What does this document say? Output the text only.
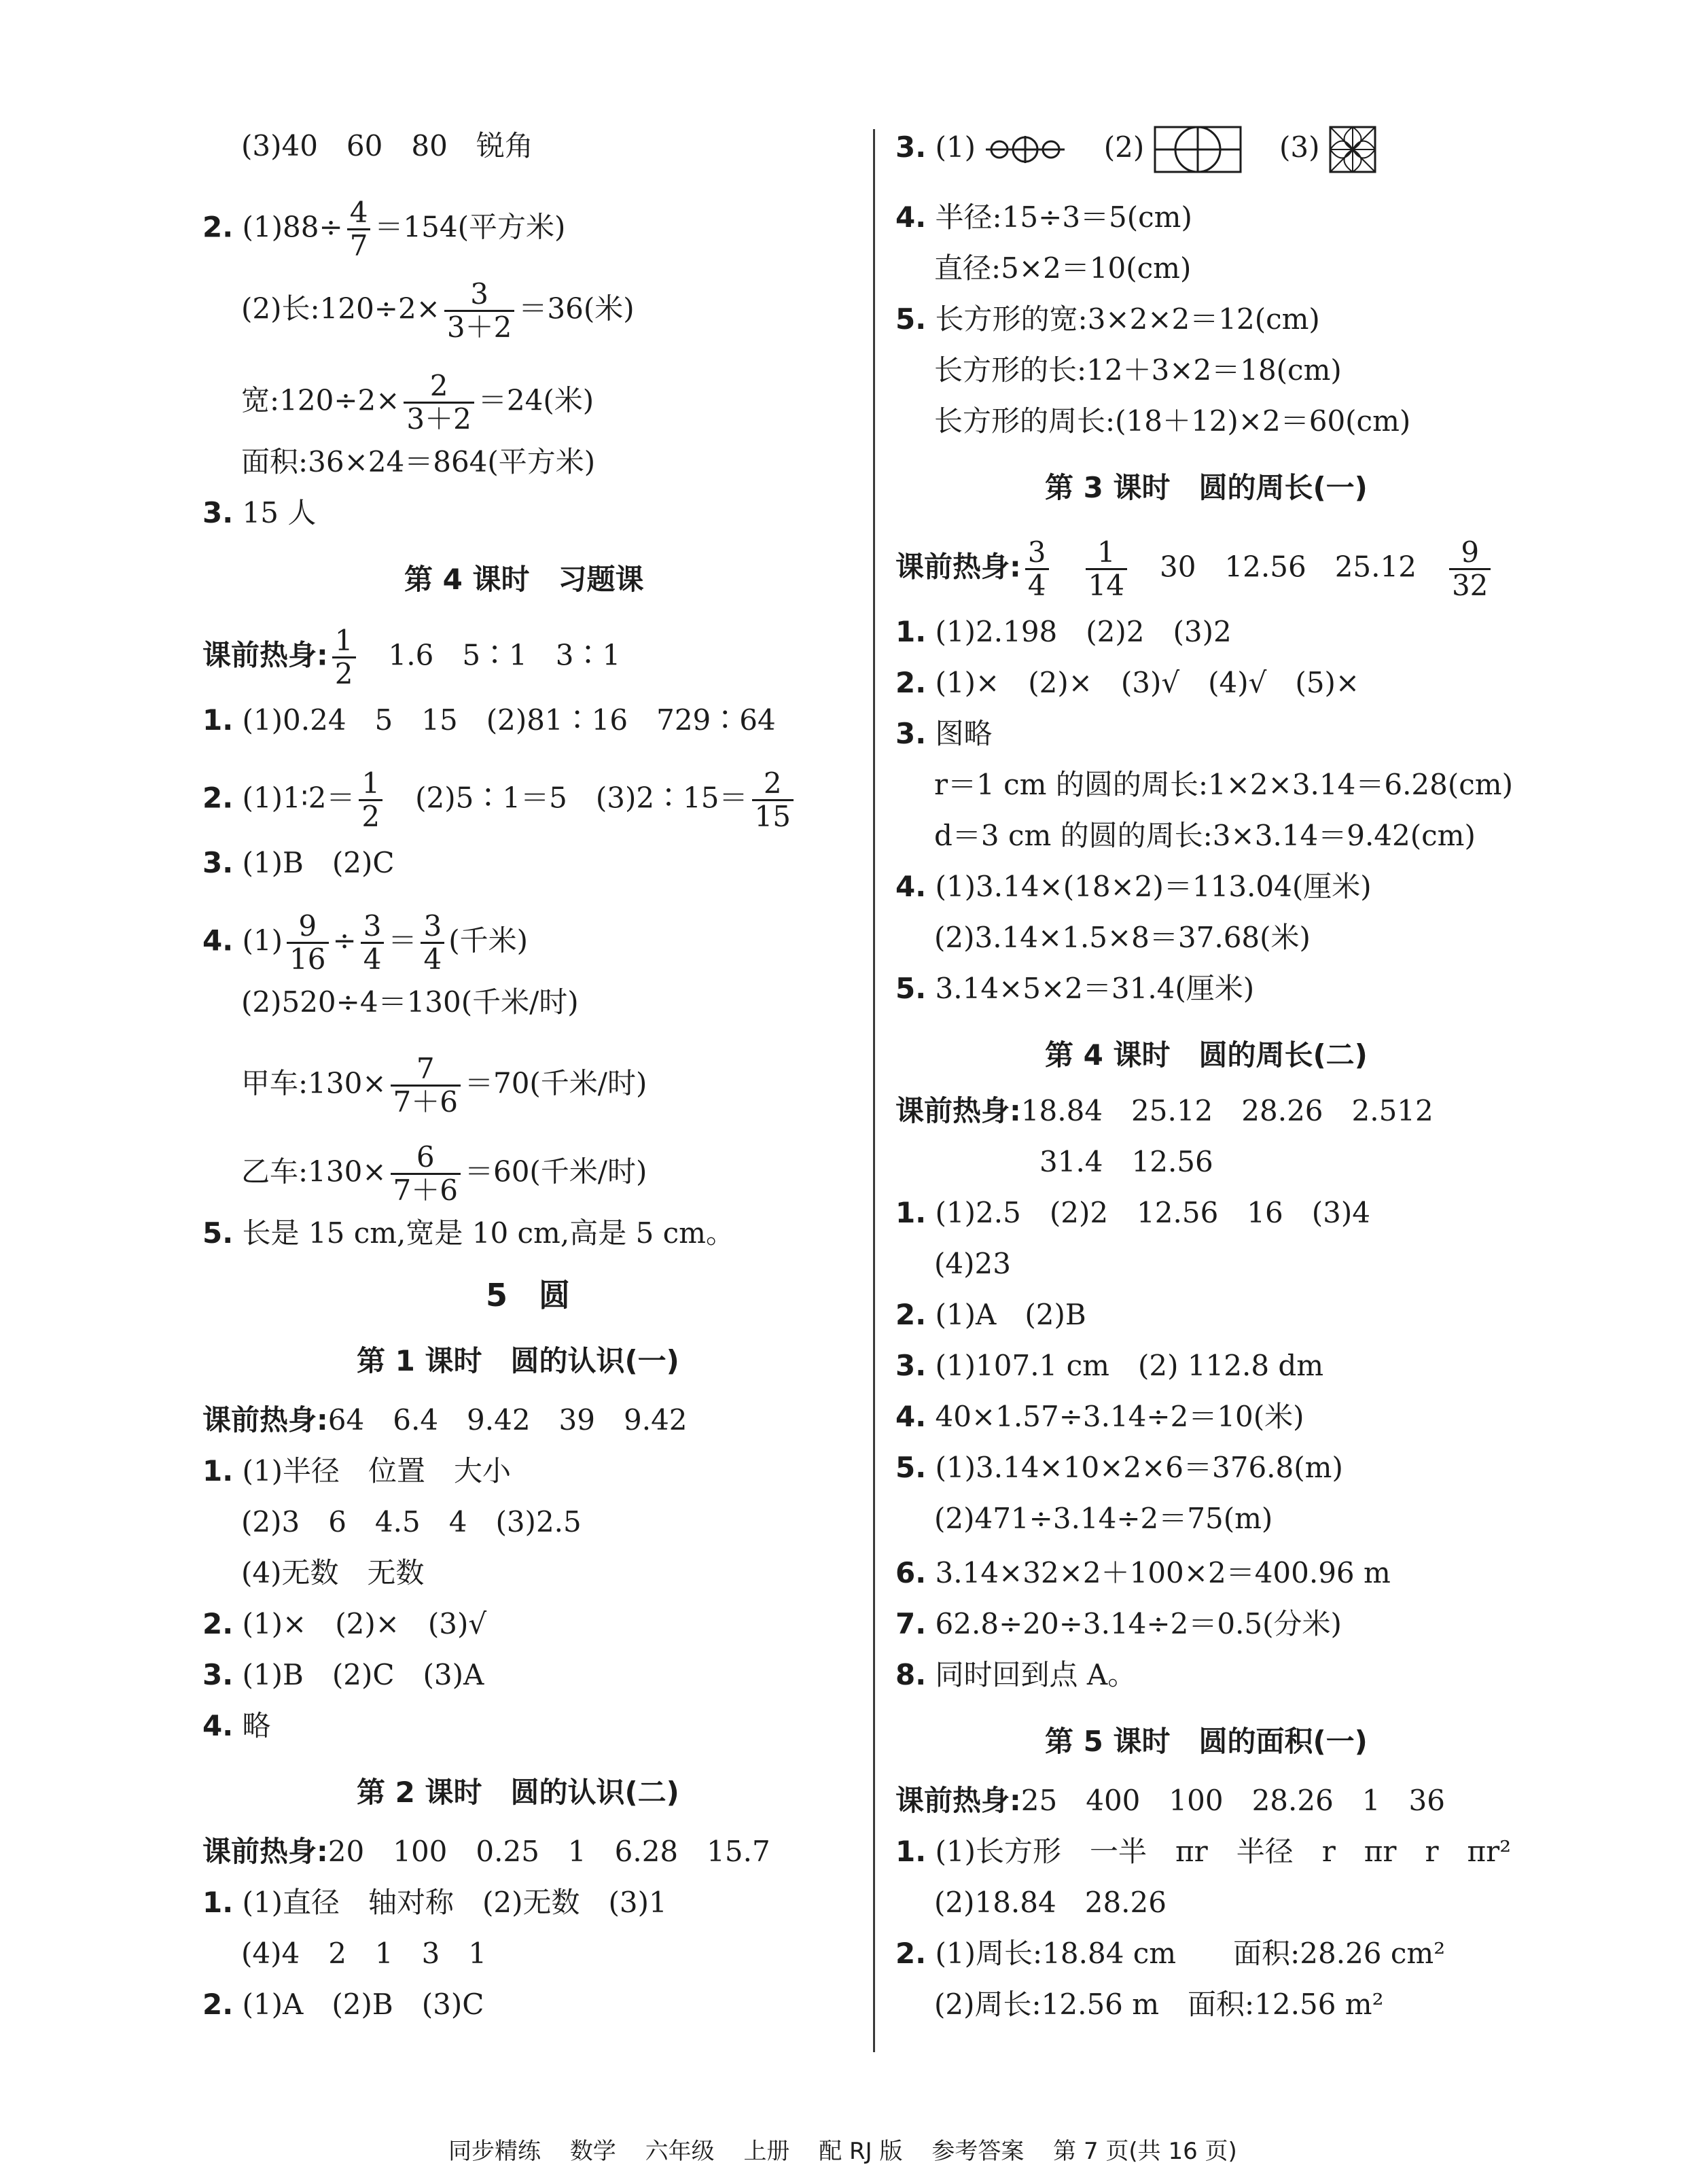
(3)40　60　80　锐角
2. $(1)88\div \frac{4}{7} =154$(平方米)
(2)长:120÷2× $\frac{3}{3+2} =36$(米)
宽:120÷2× $\frac{2}{3+2} =24$(米)
面积:36×24＝864(平方米)
3. 15 人
第 4 课时　习题课
课前热身: $\frac{1}{2}$
　 1.6　5∶1　3∶1
1. (1)0.24　5　15　(2)81∶16　729∶64
2. (1)1∶2＝ $\frac{1}{2}$
　 (2)5∶1＝5　(3)2∶15＝ $\frac{2}{15}$
3. (1)B　(2)C
4. $(1) \frac{9}{16} \div \frac{3}{4} = \frac{3}{4}$ (千米)
(2)520÷4＝130(千米/时)
甲车:130× $\frac{7}{7+6} =70$(千米/时)
乙车:130× $\frac{6}{7+6} =60$(千米/时)
5. 长是 15 cm,宽是 10 cm,高是 5 cm。
5　圆
第 1 课时　圆的认识(一)
课前热身:64　6.4　9.42　39　9.42
1. (1)半径　位置　大小
(2)3　6　4.5　4　(3)2.5
(4)无数　无数
2. (1)×　(2)×　(3)√
3. (1)B　(2)C　(3)A
4. 略
第 2 课时　圆的认识(二)
课前热身:20　100　0.25　1　6.28　15.7
1. (1)直径　轴对称　(2)无数　(3)1
(4)4　2　1　3　1
2. (1)A　(2)B　(3)C
3. (1)  　	(2)  　	(3)
4. 半径:15÷3＝5(cm)
直径:5×2＝10(cm)
5. 长方形的宽:3×2×2＝12(cm)
长方形的长:12＋3×2＝18(cm)
长方形的周长:(18＋12)×2＝60(cm)
第 3 课时　圆的周长(一)
课前热身: $\frac{3}{4}$
　 $\frac{1}{14}$
　 30　12.56　25.12　 $\frac{9}{32}$
1. (1)2.198　(2)2　(3)2
2. (1)×　(2)×　(3)√　(4)√　(5)×
3. 图略
r＝1 cm 的圆的周长:1×2×3.14＝6.28(cm)
d＝3 cm 的圆的周长:3×3.14＝9.42(cm)
4. (1)3.14×(18×2)＝113.04(厘米)
(2)3.14×1.5×8＝37.68(米)
5. 3.14×5×2＝31.4(厘米)
第 4 课时　圆的周长(二)
课前热身:18.84　25.12　28.26　2.512
31.4　12.56
1. (1)2.5　(2)2　12.56　16　(3)4
(4)23
2. (1)A　(2)B
3. (1)107.1 cm　(2) 112.8 dm
4. 40×1.57÷3.14÷2＝10(米)
5. (1)3.14×10×2×6＝376.8(m)
(2)471÷3.14÷2＝75(m)
6. 3.14×32×2＋100×2＝400.96 m
7. 62.8÷20÷3.14÷2＝0.5(分米)
8. 同时回到点 A。
第 5 课时　圆的面积(一)
课前热身:25　400　100　28.26　1　36
1. (1)长方形　一半　πr　半径　r　πr　r　πr²
(2)18.84　28.26
2. (1)周长:18.84 cm　　面积:28.26 cm²
(2)周长:12.56 m　面积:12.56 m²
同步精练 数学 六年级 上册 配 RJ 版 参考答案 第 7 页(共 16 页)
